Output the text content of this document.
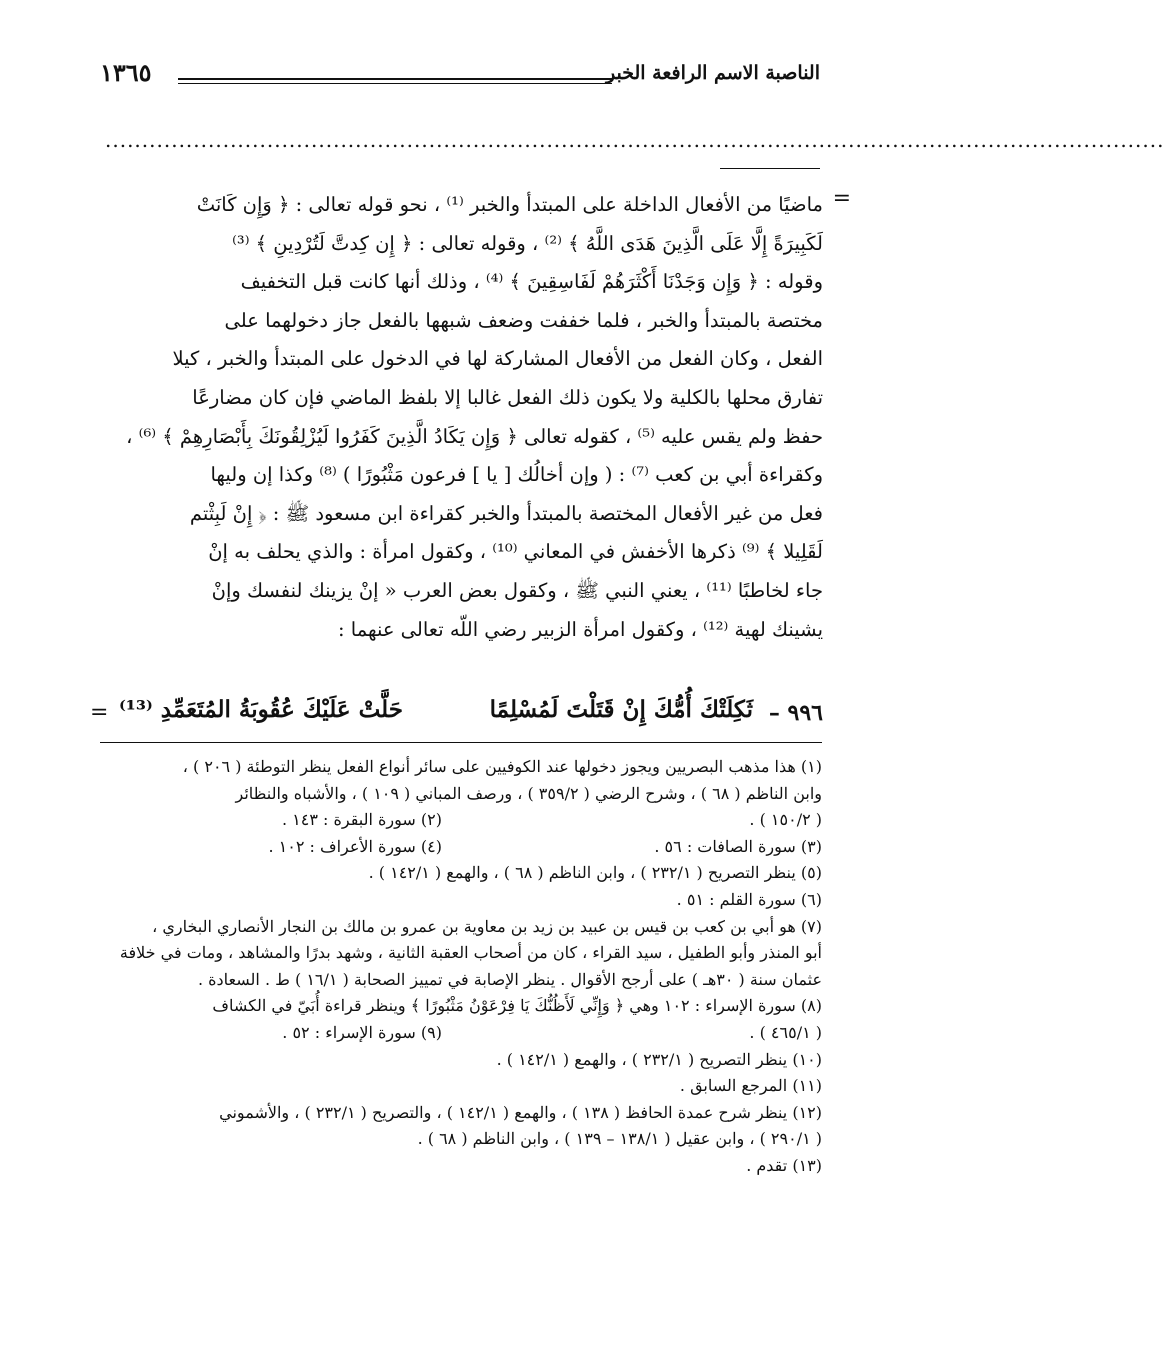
الناصبة الاسم الرافعة الخبر
١٣٦٥
................................................................................................................................................
=

ماضيًا من الأفعال الداخلة على المبتدأ والخبر ⁽¹⁾ ، نحو قوله تعالى : ﴿ وَإِن كَانَتْ

لَكَبِيرَةً إِلَّا عَلَى الَّذِينَ هَدَى اللَّهُ ﴾ ⁽²⁾ ، وقوله تعالى : ﴿ إِن كِدتَّ لَتُرْدِينِ ﴾ ⁽³⁾

وقوله : ﴿ وَإِن وَجَدْنَا أَكْثَرَهُمْ لَفَاسِقِينَ ﴾ ⁽⁴⁾ ، وذلك أنها كانت قبل التخفيف

مختصة بالمبتدأ والخبر ، فلما خففت وضعف شبهها بالفعل جاز دخولهما على

الفعل ، وكان الفعل من الأفعال المشاركة لها في الدخول على المبتدأ والخبر ، كيلا

تفارق محلها بالكلية ولا يكون ذلك الفعل غالبا إلا بلفظ الماضي فإن كان مضارعًا

حفظ ولم يقس عليه ⁽⁵⁾ ، كقوله تعالى ﴿ وَإِن يَكَادُ الَّذِينَ كَفَرُوا لَيُزْلِقُونَكَ بِأَبْصَارِهِمْ ﴾ ⁽⁶⁾ ،

وكقراءة أبي بن كعب ⁽⁷⁾ : ( وإن أخالُك [ يا ] فرعون مَثْبُورًا ) ⁽⁸⁾ وكذا إن وليها

فعل من غير الأفعال المختصة بالمبتدأ والخبر كقراءة ابن مسعود ﷺ : ﴿ إِنْ لَبِثْتم

لَقَلِيلا ﴾ ⁽⁹⁾ ذكرها الأخفش في المعاني ⁽¹⁰⁾ ، وكقول امرأة : والذي يحلف به إنْ

جاء لخاطبًا ⁽¹¹⁾ ، يعني النبي ﷺ ، وكقول بعض العرب « إنْ يزينك لنفسك وإنْ

يشينك لهية ⁽¹²⁾ ، وكقول امرأة الزبير رضي اللّه تعالى عنهما :

٩٩٦ –
ثَكِلَتْكَ أُمُّكَ إِنْ قَتَلْتَ لَمُسْلِمًا
حَلَّتْ عَلَيْكَ عُقُوبَةُ المُتَعَمِّدِ ⁽¹³⁾
=

(١) هذا مذهب البصريين ويجوز دخولها عند الكوفيين على سائر أنواع الفعل ينظر التوطئة ( ٢٠٦ ) ،

وابن الناظم ( ٦٨ ) ، وشرح الرضي ( ٣٥٩/٢ ) ، ورصف المباني ( ١٠٩ ) ، والأشباه والنظائر

( ١٥٠/٢ ) .
(٢) سورة البقرة : ١٤٣ .
(٣) سورة الصافات : ٥٦ .
(٤) سورة الأعراف : ١٠٢ .

(٥) ينظر التصريح ( ٢٣٢/١ ) ، وابن الناظم ( ٦٨ ) ، والهمع ( ١٤٢/١ ) .

(٦) سورة القلم : ٥١ .

(٧) هو أبي بن كعب بن قيس بن عبيد بن زيد بن معاوية بن عمرو بن مالك بن النجار الأنصاري البخاري ،

أبو المنذر وأبو الطفيل ، سيد القراء ، كان من أصحاب العقبة الثانية ، وشهد بدرًا والمشاهد ، ومات في خلافة

عثمان سنة ( ٣٠هـ ) على أرجح الأقوال . ينظر الإصابة في تمييز الصحابة ( ١٦/١ ) ط . السعادة .

(٨) سورة الإسراء : ١٠٢ وهي ﴿ وَإِنِّي لَأَظُنُّكَ يَا فِرْعَوْنُ مَثْبُورًا ﴾ وينظر قراءة أُبَيّ في الكشاف

( ٤٦٥/١ ) .
(٩) سورة الإسراء : ٥٢ .

(١٠) ينظر التصريح ( ٢٣٢/١ ) ، والهمع ( ١٤٢/١ ) .

(١١) المرجع السابق .

(١٢) ينظر شرح عمدة الحافظ ( ١٣٨ ) ، والهمع ( ١٤٢/١ ) ، والتصريح ( ٢٣٢/١ ) ، والأشموني

( ٢٩٠/١ ) ، وابن عقيل ( ١٣٨/١ – ١٣٩ ) ، وابن الناظم ( ٦٨ ) .

(١٣) تقدم .
